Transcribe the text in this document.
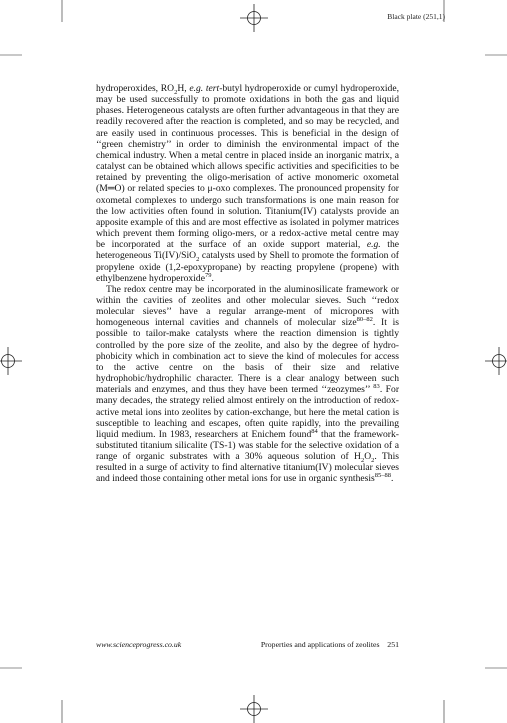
Black plate (251,1)

hydroperoxides, $RO_2H$, e.g. tert-butyl hydroperoxide or cumyl hydroperoxide, may be used successfully to promote oxidations in both the gas and liquid phases. Heterogeneous catalysts are often further advantageous in that they are readily recovered after the reaction is completed, and so may be recycled, and are easily used in continuous processes. This is beneficial in the design of ‘‘green chemistry’’ in order to diminish the environmental impact of the chemical industry. When a metal centre in placed inside an inorganic matrix, a catalyst can be obtained which allows specific activities and specificities to be retained by preventing the oligo-merisation of active monomeric oxometal (M═O) or related species to μ-oxo complexes. The pronounced propensity for oxometal complexes to undergo such transformations is one main reason for the low activities often found in solution. Titanium(IV) catalysts provide an apposite example of this and are most effective as isolated in polymer matrices which prevent them forming oligo-mers, or a redox-active metal centre may be incorporated at the surface of an oxide support material, e.g. the heterogeneous Ti(IV)/SiO$_2$ catalysts used by Shell to promote the formation of propylene oxide (1,2-epoxypropane) by reacting propylene (propene) with ethylbenzene hydroperoxide$^{79}$.

The redox centre may be incorporated in the aluminosilicate framework or within the cavities of zeolites and other molecular sieves. Such ‘‘redox molecular sieves’’ have a regular arrange-ment of micropores with homogeneous internal cavities and channels of molecular size$^{80-82}$. It is possible to tailor-make catalysts where the reaction dimension is tightly controlled by the pore size of the zeolite, and also by the degree of hydro-phobicity which in combination act to sieve the kind of molecules for access to the active centre on the basis of their size and relative hydrophobic/hydrophilic character. There is a clear analogy between such materials and enzymes, and thus they have been termed ‘‘zeozymes’’ $^{83}$. For many decades, the strategy relied almost entirely on the introduction of redox-active metal ions into zeolites by cation-exchange, but here the metal cation is susceptible to leaching and escapes, often quite rapidly, into the prevailing liquid medium. In 1983, researchers at Enichem found$^{84}$ that the framework-substituted titanium silicalite (TS-1) was stable for the selective oxidation of a range of organic substrates with a 30% aqueous solution of $H_2O_2$. This resulted in a surge of activity to find alternative titanium(IV) molecular sieves and indeed those containing other metal ions for use in organic synthesis$^{85-88}$.

www.scienceprogress.co.uk	Properties and applications of zeolites 251
